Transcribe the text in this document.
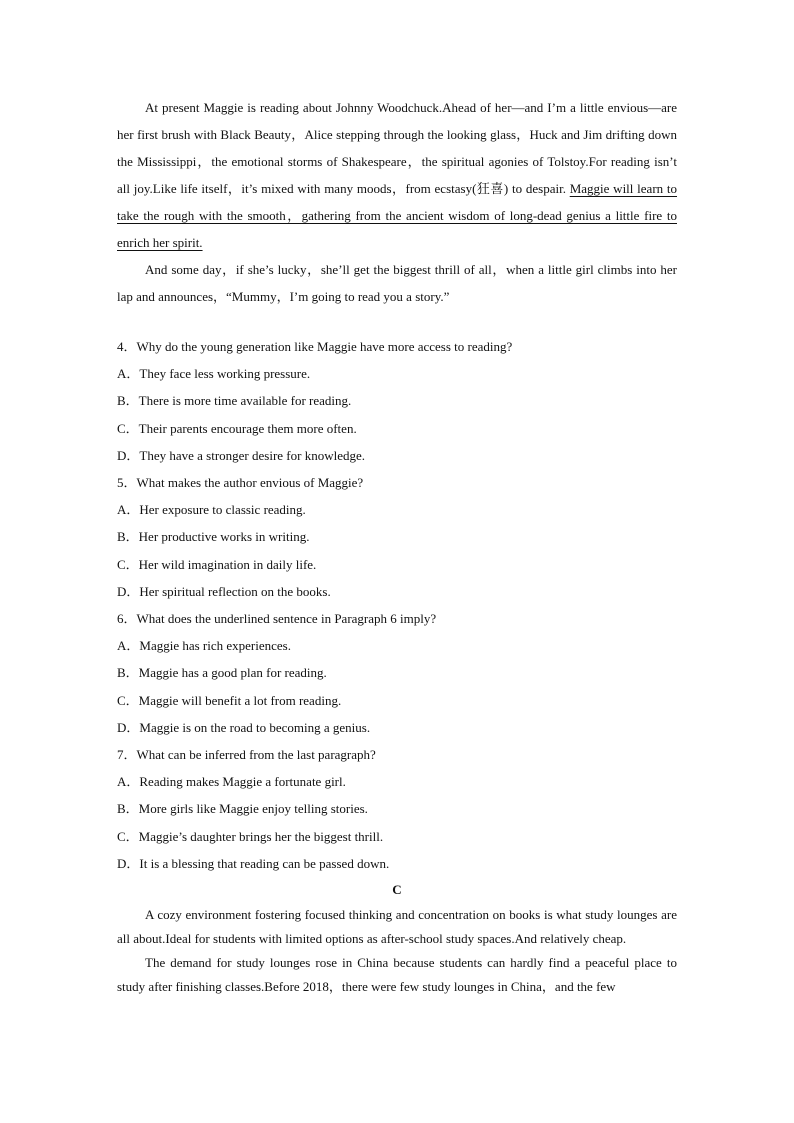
At present Maggie is reading about Johnny Woodchuck.Ahead of her—and I’m a little envious—are her first brush with Black Beauty，Alice stepping through the looking glass，Huck and Jim drifting down the Mississippi，the emotional storms of Shakespeare，the spiritual agonies of Tolstoy.For reading isn’t all joy.Like life itself，it’s mixed with many moods，from ecstasy(狂喜) to despair. Maggie will learn to take the rough with the smooth，gathering from the ancient wisdom of long-dead genius a little fire to enrich her spirit.

And some day，if she’s lucky，she’ll get the biggest thrill of all，when a little girl climbs into her lap and announces，“Mummy，I’m going to read you a story.”

4．Why do the young generation like Maggie have more access to reading?

A．They face less working pressure.

B．There is more time available for reading.

C．Their parents encourage them more often.

D．They have a stronger desire for knowledge.

5．What makes the author envious of Maggie?

A．Her exposure to classic reading.

B．Her productive works in writing.

C．Her wild imagination in daily life.

D．Her spiritual reflection on the books.

6．What does the underlined sentence in Paragraph 6 imply?

A．Maggie has rich experiences.

B．Maggie has a good plan for reading.

C．Maggie will benefit a lot from reading.

D．Maggie is on the road to becoming a genius.

7．What can be inferred from the last paragraph?

A．Reading makes Maggie a fortunate girl.

B．More girls like Maggie enjoy telling stories.

C．Maggie’s daughter brings her the biggest thrill.

D．It is a blessing that reading can be passed down.

C

A cozy environment fostering focused thinking and concentration on books is what study lounges are all about.Ideal for students with limited options as after-school study spaces.And relatively cheap.

The demand for study lounges rose in China because students can hardly find a peaceful place to study after finishing classes.Before 2018，there were few study lounges in China，and the few
